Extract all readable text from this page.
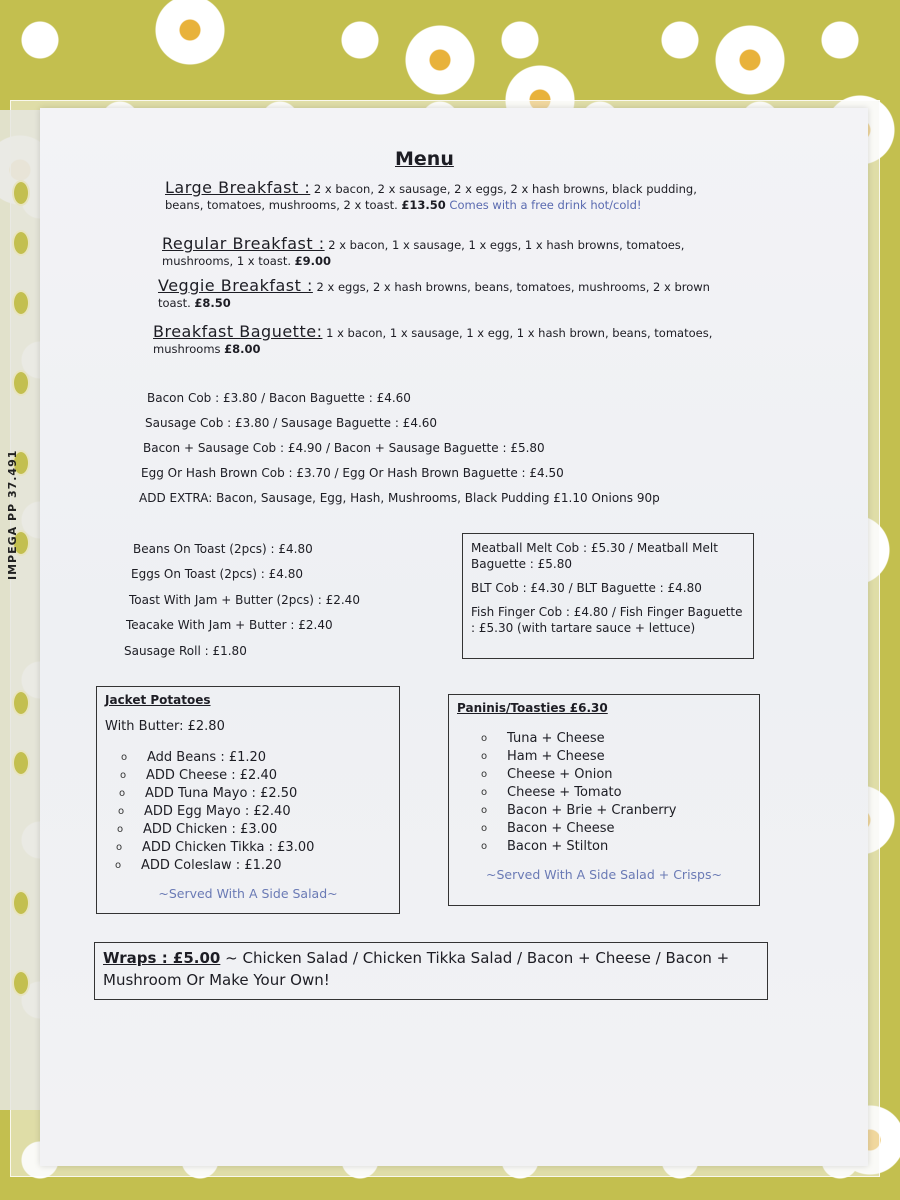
IMPEGA PP 37.491
Menu
Large Breakfast : 2 x bacon, 2 x sausage, 2 x eggs, 2 x hash browns, black pudding, beans, tomatoes, mushrooms, 2 x toast. £13.50 Comes with a free drink hot/cold!
Regular Breakfast : 2 x bacon, 1 x sausage, 1 x eggs, 1 x hash browns, tomatoes, mushrooms, 1 x toast. £9.00
Veggie Breakfast : 2 x eggs, 2 x hash browns, beans, tomatoes, mushrooms, 2 x brown toast. £8.50
Breakfast Baguette: 1 x bacon, 1 x sausage, 1 x egg, 1 x hash brown, beans, tomatoes, mushrooms £8.00
Bacon Cob : £3.80 / Bacon Baguette : £4.60
Sausage Cob : £3.80 / Sausage Baguette : £4.60
Bacon + Sausage Cob : £4.90 / Bacon + Sausage Baguette : £5.80
Egg Or Hash Brown Cob : £3.70 / Egg Or Hash Brown Baguette : £4.50
ADD EXTRA: Bacon, Sausage, Egg, Hash, Mushrooms, Black Pudding £1.10 Onions 90p
Beans On Toast (2pcs) : £4.80
Eggs On Toast (2pcs) : £4.80
Toast With Jam + Butter (2pcs) : £2.40
Teacake With Jam + Butter : £2.40
Sausage Roll : £1.80
Meatball Melt Cob : £5.30 / Meatball Melt Baguette : £5.80
BLT Cob : £4.30 / BLT Baguette : £4.80
Fish Finger Cob : £4.80 / Fish Finger Baguette : £5.30 (with tartare sauce + lettuce)
Jacket Potatoes
With Butter: £2.80
o	Add Beans : £1.20
o	ADD Cheese : £2.40
o	ADD Tuna Mayo : £2.50
o	ADD Egg Mayo : £2.40
o	ADD Chicken : £3.00
o	ADD Chicken Tikka : £3.00
o	ADD Coleslaw : £1.20
~Served With A Side Salad~
Paninis/Toasties £6.30
o	Tuna + Cheese
o	Ham + Cheese
o	Cheese + Onion
o	Cheese + Tomato
o	Bacon + Brie + Cranberry
o	Bacon + Cheese
o	Bacon + Stilton
~Served With A Side Salad + Crisps~
Wraps : £5.00 ~ Chicken Salad / Chicken Tikka Salad / Bacon + Cheese / Bacon + Mushroom Or Make Your Own!
